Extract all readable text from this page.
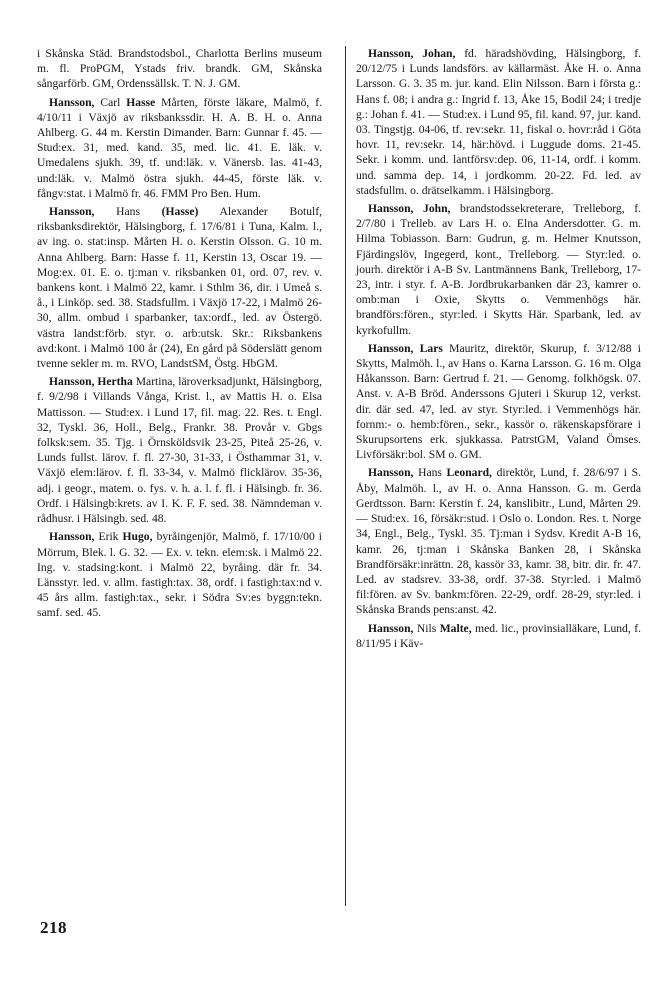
i Skånska Städ. Brandstodsbol., Charlotta Berlins museum m. fl. ProPGM, Ystads friv. brandk. GM, Skånska sångarförb. GM, Ordenssällsk. T. N. J. GM.

Hansson, Carl Hasse Mårten, förste läkare, Malmö, f. 4/10/11 i Växjö av riksbankssdir. H. A. B. H. o. Anna Ahlberg. G. 44 m. Kerstin Dimander. Barn: Gunnar f. 45. — Stud:ex. 31, med. kand. 35, med. lic. 41. E. läk. v. Umedalens sjukh. 39, tf. und:läk. v. Vänersb. las. 41-43, und:läk. v. Malmö östra sjukh. 44-45, förste läk. v. fångv:stat. i Malmö fr. 46. FMM Pro Ben. Hum.

Hansson, Hans (Hasse) Alexander Botulf, riksbanksdirektör, Hälsingborg, f. 17/6/81 i Tuna, Kalm. l., av ing. o. stat:insp. Mårten H. o. Kerstin Olsson. G. 10 m. Anna Ahlberg. Barn: Hasse f. 11, Kerstin 13, Oscar 19. — Mog:ex. 01. E. o. tj:man v. riksbanken 01, ord. 07, rev. v. bankens kont. i Malmö 22, kamr. i Sthlm 36, dir. i Umeå s. å., i Linköp. sed. 38. Stadsfullm. i Växjö 17-22, i Malmö 26-30, allm. ombud i sparbanker, tax:ordf., led. av Östergö. västra landst:förb. styr. o. arb:utsk. Skr.: Riksbankens avd:kont. i Malmö 100 år (24), En gård på Söderslätt genom tvenne sekler m. m. RVO, LandstSM, Östg. HbGM.

Hansson, Hertha Martina, läroverksadjunkt, Hälsingborg, f. 9/2/98 i Villands Vånga, Krist. l., av Mattis H. o. Elsa Mattisson. — Stud:ex. i Lund 17, fil. mag. 22. Res. t. Engl. 32, Tyskl. 36, Holl., Belg., Frankr. 38. Provår v. Gbgs folksk:sem. 35. Tjg. i Örnsköldsvik 23-25, Piteå 25-26, v. Lunds fullst. lärov. f. fl. 27-30, 31-33, i Östhammar 31, v. Växjö elem:lärov. f. fl. 33-34, v. Malmö flicklärov. 35-36, adj. i geogr., matem. o. fys. v. h. a. l. f. fl. i Hälsingb. fr. 36. Ordf. i Hälsingb:krets. av I. K. F. F. sed. 38. Nämndeman v. rådhusr. i Hälsingb. sed. 48.

Hansson, Erik Hugo, byråingenjör, Malmö, f. 17/10/00 i Mörrum, Blek. l. G. 32. — Ex. v. tekn. elem:sk. i Malmö 22. Ing. v. stadsing:kont. i Malmö 22, byråing. där fr. 34. Länsstyr. led. v. allm. fastigh:tax. 38, ordf. i fastigh:tax:nd v. 45 års allm. fastigh:tax., sekr. i Södra Sv:es byggn:tekn. samf. sed. 45.

Hansson, Johan, fd. häradshövding, Hälsingborg, f. 20/12/75 i Lunds landsförs. av källarmäst. Åke H. o. Anna Larsson. G. 3. 35 m. jur. kand. Elin Nilsson. Barn i första g.: Hans f. 08; i andra g.: Ingrid f. 13, Åke 15, Bodil 24; i tredje g.: Johan f. 41. — Stud:ex. i Lund 95, fil. kand. 97, jur. kand. 03. Tingstjg. 04-06, tf. rev:sekr. 11, fiskal o. hovr:råd i Göta hovr. 11, rev:sekr. 14, här:hövd. i Luggude doms. 21-45. Sekr. i komm. und. lantförsv:dep. 06, 11-14, ordf. i komm. und. samma dep. 14, i jordkomm. 20-22. Fd. led. av stadsfullm. o. drätselkamm. i Hälsingborg.

Hansson, John, brandstodssekreterare, Trelleborg, f. 2/7/80 i Trelleb. av Lars H. o. Elna Andersdotter. G. m. Hilma Tobiasson. Barn: Gudrun, g. m. Helmer Knutsson, Fjärdingslöv, Ingegerd, kont., Trelleborg. — Styr:led. o. jourh. direktör i A-B Sv. Lantmännens Bank, Trelleborg, 17-23, intr. i styr. f. A-B. Jordbrukarbanken där 23, kamrer o. omb:man i Oxie, Skytts o. Vemmenhögs här. brandförs:fören., styr:led. i Skytts Här. Sparbank, led. av kyrkofullm.

Hansson, Lars Mauritz, direktör, Skurup, f. 3/12/88 i Skytts, Malmöh. l., av Hans o. Karna Larsson. G. 16 m. Olga Håkansson. Barn: Gertrud f. 21. — Genomg. folkhögsk. 07. Anst. v. A-B Bröd. Anderssons Gjuteri i Skurup 12, verkst. dir. där sed. 47, led. av styr. Styr:led. i Vemmenhögs här. fornm:- o. hemb:fören., sekr., kassör o. räkenskapsförare i Skurupsortens erk. sjukkassa. PatrstGM, Valand Ömses. Livförsäkr:bol. SM o. GM.

Hansson, Hans Leonard, direktör, Lund, f. 28/6/97 i S. Åby, Malmöh. l., av H. o. Anna Hansson. G. m. Gerda Gerdtsson. Barn: Kerstin f. 24, kanslibitr., Lund, Mårten 29. — Stud:ex. 16, försäkr:stud. i Oslo o. London. Res. t. Norge 34, Engl., Belg., Tyskl. 35. Tj:man i Sydsv. Kredit A-B 16, kamr. 26, tj:man i Skånska Banken 28, i Skånska Brandförsäkr:inrättn. 28, kassör 33, kamr. 38, bitr. dir. fr. 47. Led. av stadsrev. 33-38, ordf. 37-38. Styr:led. i Malmö fil:fören. av Sv. bankm:fören. 22-29, ordf. 28-29, styr:led. i Skånska Brands pens:anst. 42.

Hansson, Nils Malte, med. lic., provinsialläkare, Lund, f. 8/11/95 i Käv-

218
